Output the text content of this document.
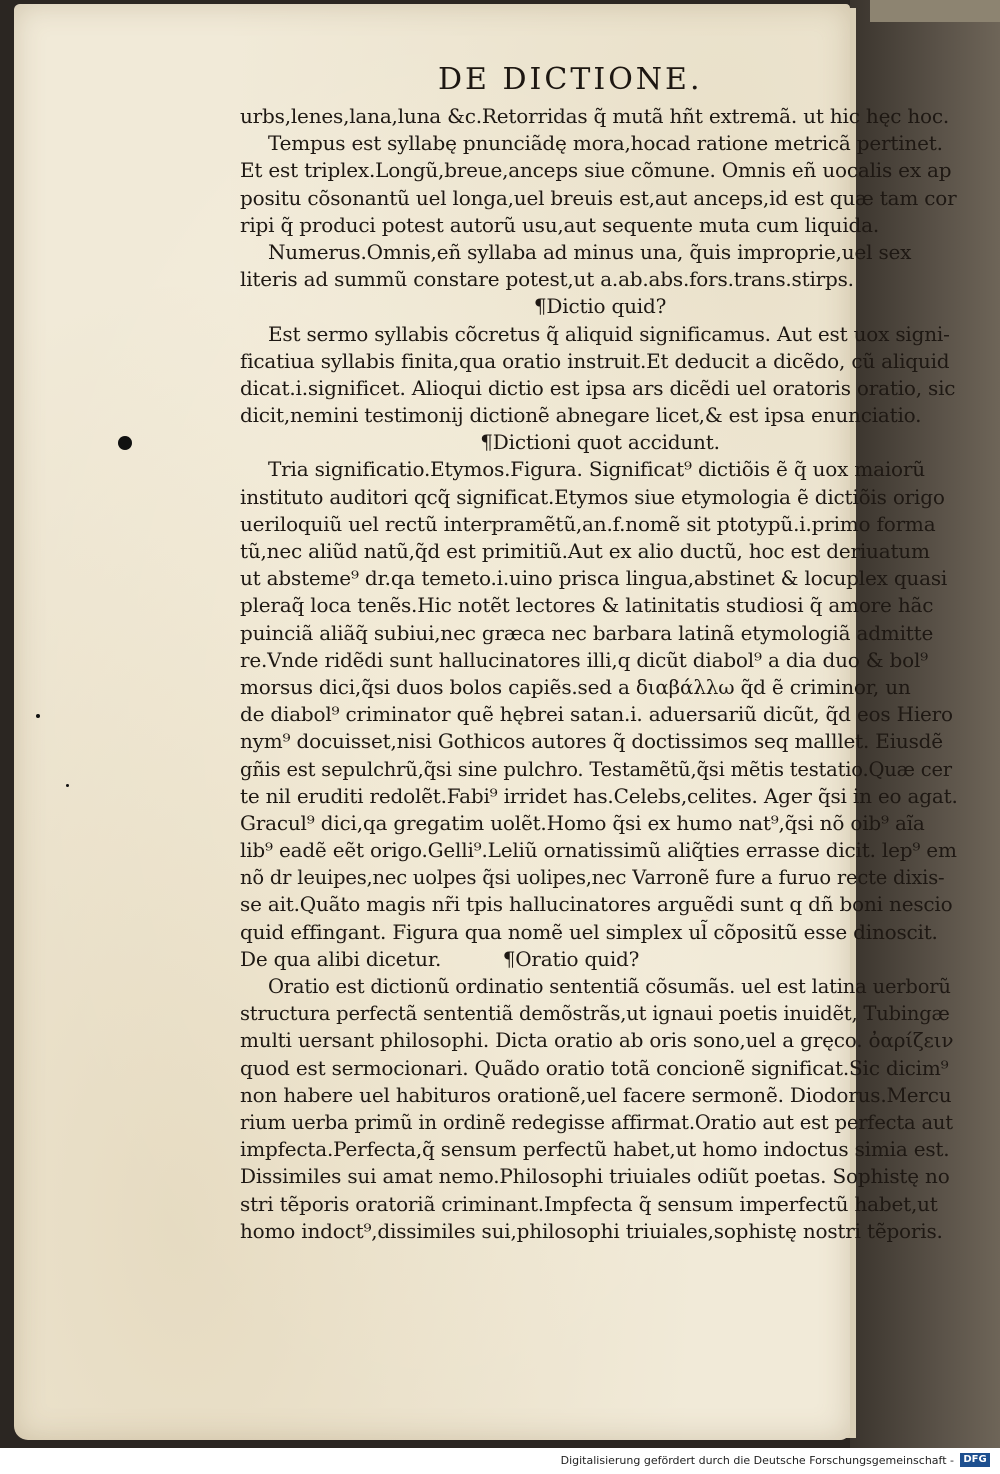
DE DICTIONE.
urbs,lenes,lana,luna &c.Retorridas q̃ mutã hñt extremã. ut hic hęc hoc.
Tempus est syllabę pnunciãdę mora,hocad ratione metricã pertinet.
Et est triplex.Longũ,breue,anceps siue cõmune. Omnis eñ uocalis ex ap
positu cõsonantũ uel longa,uel breuis est,aut anceps,id est quæ tam cor
ripi q̃ produci potest autorũ usu,aut sequente muta cum liquida.
Numerus.Omnis,eñ syllaba ad minus una, q̃uis improprie,uel sex
literis ad summũ constare potest,ut a.ab.abs.fors.trans.stirps.
¶Dictio quid?
Est sermo syllabis cõcretus q̃ aliquid significamus. Aut est uox signi-
ficatiua syllabis finita,qua oratio instruit.Et deducit a dicẽdo, cũ aliquid
dicat.i.significet. Alioqui dictio est ipsa ars dicẽdi uel oratoris oratio, sic
dicit,nemini testimonij dictionẽ abnegare licet,& est ipsa enunciatio.
¶Dictioni quot accidunt.
Tria significatio.Etymos.Figura. Significat⁹ dictiõis ẽ q̃ uox maiorũ
instituto auditori qcq̃ significat.Etymos siue etymologia ẽ dictiõis origo
ueriloquiũ uel rectũ interpramẽtũ,an.f.nomẽ sit ptotypũ.i.primo forma
tũ,nec aliũd natũ,q̃d est primitiũ.Aut ex alio ductũ, hoc est deriuatum
ut absteme⁹ dr.qa temeto.i.uino prisca lingua,abstinet & locuplex quasi
pleraq̃ loca tenẽs.Hic notẽt lectores & latinitatis studiosi q̃ amore hãc
puinciã aliãq̃ subiui,nec græca nec barbara latinã etymologiã admitte
re.Vnde ridẽdi sunt hallucinatores illi,q dicũt diabol⁹ a dia duo & bol⁹
morsus dici,q̃si duos bolos capiẽs.sed a διαβάλλω q̃d ẽ criminor, un
de diabol⁹ criminator quẽ hębrei satan.i. aduersariũ dicũt, q̃d eos Hiero
nym⁹ docuisset,nisi Gothicos autores q̃ doctissimos seq malllet. Eiusdẽ
gñis est sepulchrũ,q̃si sine pulchro. Testamẽtũ,q̃si mẽtis testatio.Quæ cer
te nil eruditi redolẽt.Fabi⁹ irridet has.Celebs,celites. Ager q̃si in eo agat.
Gracul⁹ dici,qa gregatim uolẽt.Homo q̃si ex humo nat⁹,q̃si nõ oib⁹ aĩa
lib⁹ eadẽ eẽt origo.Gelli⁹.Leliũ ornatissimũ aliq̃ties errasse dicit. lep⁹ em
nõ dr leuipes,nec uolpes q̃si uolipes,nec Varronẽ fure a furuo recte dixis-
se ait.Quãto magis nr̃i tpis hallucinatores arguẽdi sunt q dñ boni nescio
quid effingant. Figura qua nomẽ uel simplex ul̃ cõpositũ esse dinoscit.
De qua alibi dicetur.          ¶Oratio quid?
Oratio est dictionũ ordinatio sententiã cõsumãs. uel est latina uerborũ
structura perfectã sententiã demõstrãs,ut ignaui poetis inuidẽt, Tubingæ
multi uersant philosophi. Dicta oratio ab oris sono,uel a gręco. ὀαρίζειν
quod est sermocionari. Quãdo oratio totã concionẽ significat.Sic dicim⁹
non habere uel habituros orationẽ,uel facere sermonẽ. Diodorus.Mercu
rium uerba primũ in ordinẽ redegisse affirmat.Oratio aut est perfecta aut
impfecta.Perfecta,q̃ sensum perfectũ habet,ut homo indoctus simia est.
Dissimiles sui amat nemo.Philosophi triuiales odiũt poetas. Sophistę no
stri tẽporis oratoriã criminant.Impfecta q̃ sensum imperfectũ habet,ut
homo indoct⁹,dissimiles sui,philosophi triuiales,sophistę nostri tẽporis.
Digitalisierung gefördert durch die Deutsche Forschungsgemeinschaft - DFG
